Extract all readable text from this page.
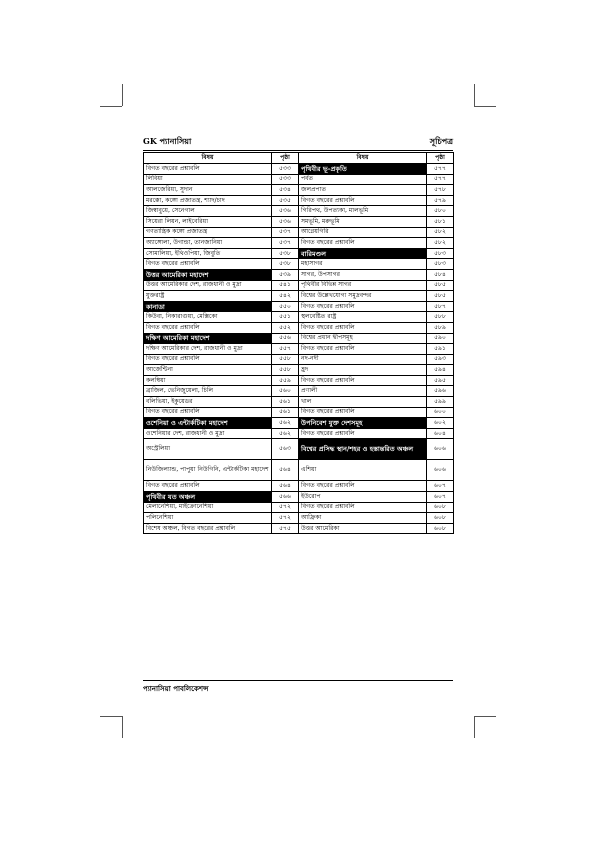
GK প্যানাসিয়া	সূচিপত্র
বিষয়	পৃষ্ঠা	বিষয়	পৃষ্ঠা
বিগত বছরের প্রশ্নাবলি	৫৩৩	পৃথিবীর ভূ-প্রকৃতি	৫৭৭
লিবিয়া	৫৩৩	পর্বত	৫৭৭
আলজেরিয়া, সুদান	৫৩৪	জলপ্রপাত	৫৭৮
মরক্কো, কঙ্গো প্রজাতন্ত্র, শ্যাদ/চাদ	৫৩৫	বিগত বছরের প্রশ্নাবলি	৫৭৯
জিম্বাবুয়ে, সেনেগাল	৫৩৬	গিরিপথ, উপত্যকা, মালভূমি	৫৮০
সিয়েরা লিয়ন, লাইবেরিয়া	৫৩৬	সমভূমি, মরুভূমি	৫৮১
গণতান্ত্রিক কঙ্গো প্রজাতন্ত্র	৫৩৭	আগ্নেয়গিরি	৫৮২
অ্যাঙ্গোলা, উগান্ডা, তানজানিয়া	৫৩৭	বিগত বছরের প্রশ্নাবলি	৫৮২
সোমালিয়া, ইথিওপিয়া, জিবুতি	৫৩৮	বারিমণ্ডল	৫৮৩
বিগত বছরের প্রশ্নাবলি	৫৩৮	মহাসাগর	৫৮৩
উত্তর আমেরিকা মহাদেশ	৫৩৯	সাগর, উপসাগর	৫৮৪
উত্তর আমেরিকার দেশ, রাজধানী ও মুদ্রা	৫৪১	পৃথিবীর বিভিন্ন সাগর	৫৮৫
যুক্তরাষ্ট্র	৫৪২	বিশ্বের উল্লেখযোগ্য সমুদ্রবন্দর	৫৮৫
কানাডা	৫৫০	বিগত বছরের প্রশ্নাবলি	৫৮৭
কিউবা, নিকারাগুয়া, মেক্সিকো	৫৫১	স্থলবেষ্টিত রাষ্ট্র	৫৮৮
বিগত বছরের প্রশ্নাবলি	৫৫২	বিগত বছরের প্রশ্নাবলি	৫৮৯
দক্ষিণ আমেরিকা মহাদেশ	৫৫৬	বিশ্বের প্রধান দ্বীপসমূহ	৫৯০
দক্ষিণ আমেরিকার দেশ, রাজধানী ও মুদ্রা	৫৫৭	বিগত বছরের প্রশ্নাবলি	৫৯১
বিগত বছরের প্রশ্নাবলি	৫৫৮	নদ-নদী	৫৯৩
আর্জেন্টিনা	৫৫৮	হ্রদ	৫৯৪
কলম্বিয়া	৫৫৯	বিগত বছরের প্রশ্নাবলি	৫৯৫
ব্রাজিল, ভেনিজুয়েলা, চিলি	৫৬০	প্রণালী	৫৯৬
বলিভিয়া, ইকুয়েডর	৫৬১	খাল	৫৯৯
বিগত বছরের প্রশ্নাবলি	৫৬১	বিগত বছরের প্রশ্নাবলি	৬০০
ওশেনিয়া ও এন্টার্কটিকা মহাদেশ	৫৬২	উপনিবেশ যুক্ত দেশসমূহ	৬০২
ওশেনিয়ার দেশ, রাজধানী ও মুদ্রা	৫৬২	বিগত বছরের প্রশ্নাবলি	৬০৪
অস্ট্রেলিয়া	৫৬৩	বিশ্বের প্রসিদ্ধ স্থান/শহর ও হস্তান্তরিত অঞ্চল	৬০৬
নিউজিল্যান্ড, পাপুয়া নিউগিনি, এন্টার্কটিকা মহাদেশ	৫৬৪	এশিয়া	৬০৬
বিগত বছরের প্রশ্নাবলি	৫৬৪	বিগত বছরের প্রশ্নাবলি	৬০৭
পৃথিবীর যত অঞ্চল	৫৬৬	ইউরোপ	৬০৭
মেলানেশিয়া, মাইক্রোনেশিয়া	৫৭২	বিগত বছরের প্রশ্নাবলি	৬০৮
পলিনেশিয়া	৫৭২	আফ্রিকা	৬০৮
বিশেষ অঞ্চল, বিগত বছরের প্রশ্নাবলি	৫৭৫	উত্তর আমেরিকা	৬০৮
প্যানাসিয়া পাবলিকেশন্স
